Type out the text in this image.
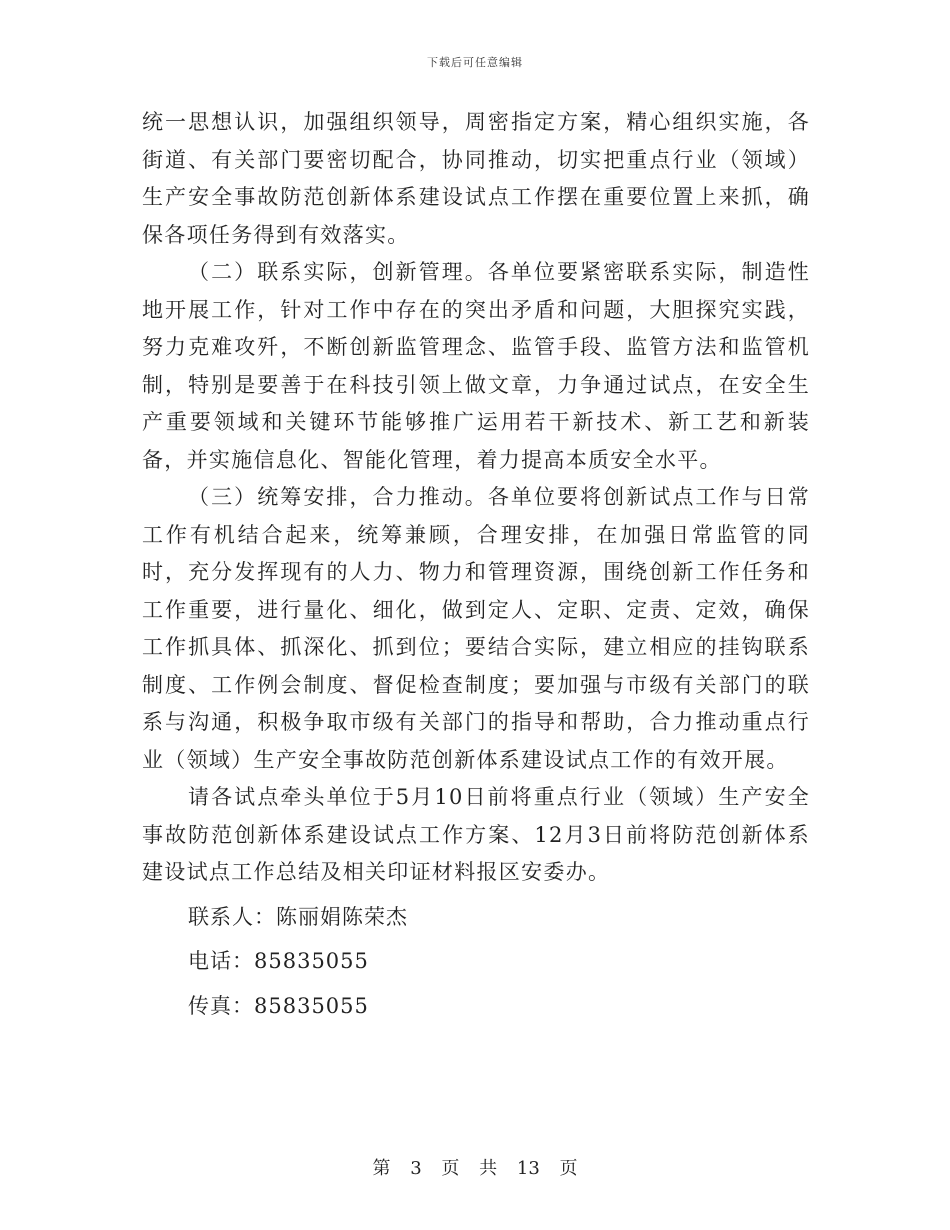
下载后可任意编辑

统一思想认识，加强组织领导，周密指定方案，精心组织实施，各街道、有关部门要密切配合，协同推动，切实把重点行业（领域）生产安全事故防范创新体系建设试点工作摆在重要位置上来抓，确保各项任务得到有效落实。

（二）联系实际，创新管理。各单位要紧密联系实际，制造性地开展工作，针对工作中存在的突出矛盾和问题，大胆探究实践，努力克难攻歼，不断创新监管理念、监管手段、监管方法和监管机制，特别是要善于在科技引领上做文章，力争通过试点，在安全生产重要领域和关键环节能够推广运用若干新技术、新工艺和新装备，并实施信息化、智能化管理，着力提高本质安全水平。

（三）统筹安排，合力推动。各单位要将创新试点工作与日常工作有机结合起来，统筹兼顾，合理安排，在加强日常监管的同时，充分发挥现有的人力、物力和管理资源，围绕创新工作任务和工作重要，进行量化、细化，做到定人、定职、定责、定效，确保工作抓具体、抓深化、抓到位；要结合实际，建立相应的挂钩联系制度、工作例会制度、督促检查制度；要加强与市级有关部门的联系与沟通，积极争取市级有关部门的指导和帮助，合力推动重点行业（领域）生产安全事故防范创新体系建设试点工作的有效开展。

请各试点牵头单位于5月10日前将重点行业（领域）生产安全事故防范创新体系建设试点工作方案、12月3日前将防范创新体系建设试点工作总结及相关印证材料报区安委办。

联系人：陈丽娟陈荣杰

电话：85835055

传真：85835055

第 3 页 共 13 页
